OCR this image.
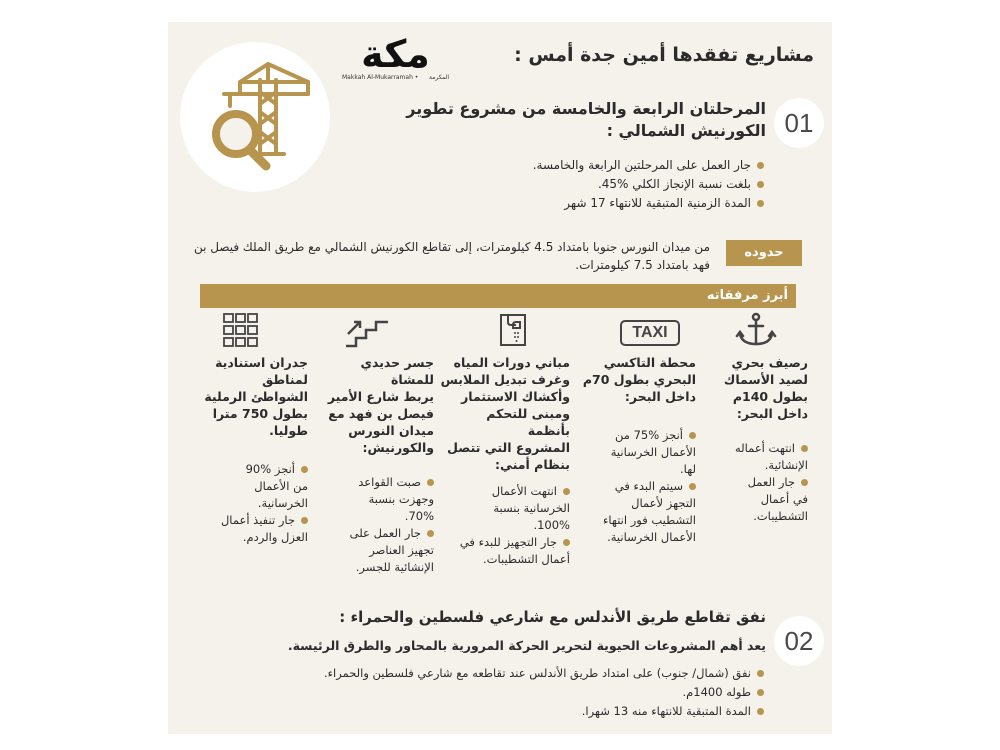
مكة
Makkah Al-Mukarramah • المكرمة
مشاريع تفقدها أمين جدة أمس :
01
المرحلتان الرابعة والخامسة من مشروع تطوير
الكورنيش الشمالي :
جار العمل على المرحلتين الرابعة والخامسة.
بلغت نسبة الإنجاز الكلي %45.
المدة الزمنية المتبقية للانتهاء 17 شهر
حدوده
من ميدان النورس جنوبا بامتداد 4.5 كيلومترات، إلى تقاطع الكورنيش الشمالي مع طريق الملك فيصل بن
فهد بامتداد 7.5 كيلومترات.
أبرز مرفقاته
TAXI
رصيف بحري
لصيد الأسماك
بطول 140م
داخل البحر:
انتهت أعماله
الإنشائية.
جار العمل
في أعمال
التشطيبات.
محطة التاكسي
البحري بطول 70م
داخل البحر:
أنجز %75 من
الأعمال الخرسانية
لها.
سيتم البدء في
التجهز لأعمال
التشطيب فور انتهاء
الأعمال الخرسانية.
مباني دورات المياه
وغرف تبديل الملابس
وأكشاك الاستثمار
ومبنى للتحكم بأنظمة
المشروع التي تتصل
بنظام أمني:
انتهت الأعمال
الخرسانية بنسبة
100%.
جار التجهيز للبدء في
أعمال التشطيبات.
جسر حديدي للمشاة
يربط شارع الأمير
فيصل بن فهد مع
ميدان النورس
والكورنيش:
صبت القواعد
وجهزت بنسبة
70%.
جار العمل على
تجهيز العناصر
الإنشائية للجسر.
جدران استنادية
لمناطق
الشواطئ الرملية
بطول 750 مترا
طوليا.
أنجز %90
من الأعمال
الخرسانية.
جار تنفيذ أعمال
العزل والردم.
02
نفق تقاطع طريق الأندلس مع شارعي فلسطين والحمراء :
يعد أهم المشروعات الحيوية لتحرير الحركة المرورية بالمحاور والطرق الرئيسة.
نفق (شمال/ جنوب) على امتداد طريق الأندلس عند تقاطعه مع شارعي فلسطين والحمراء.
طوله 1400م.
المدة المتبقية للانتهاء منه 13 شهرا.
